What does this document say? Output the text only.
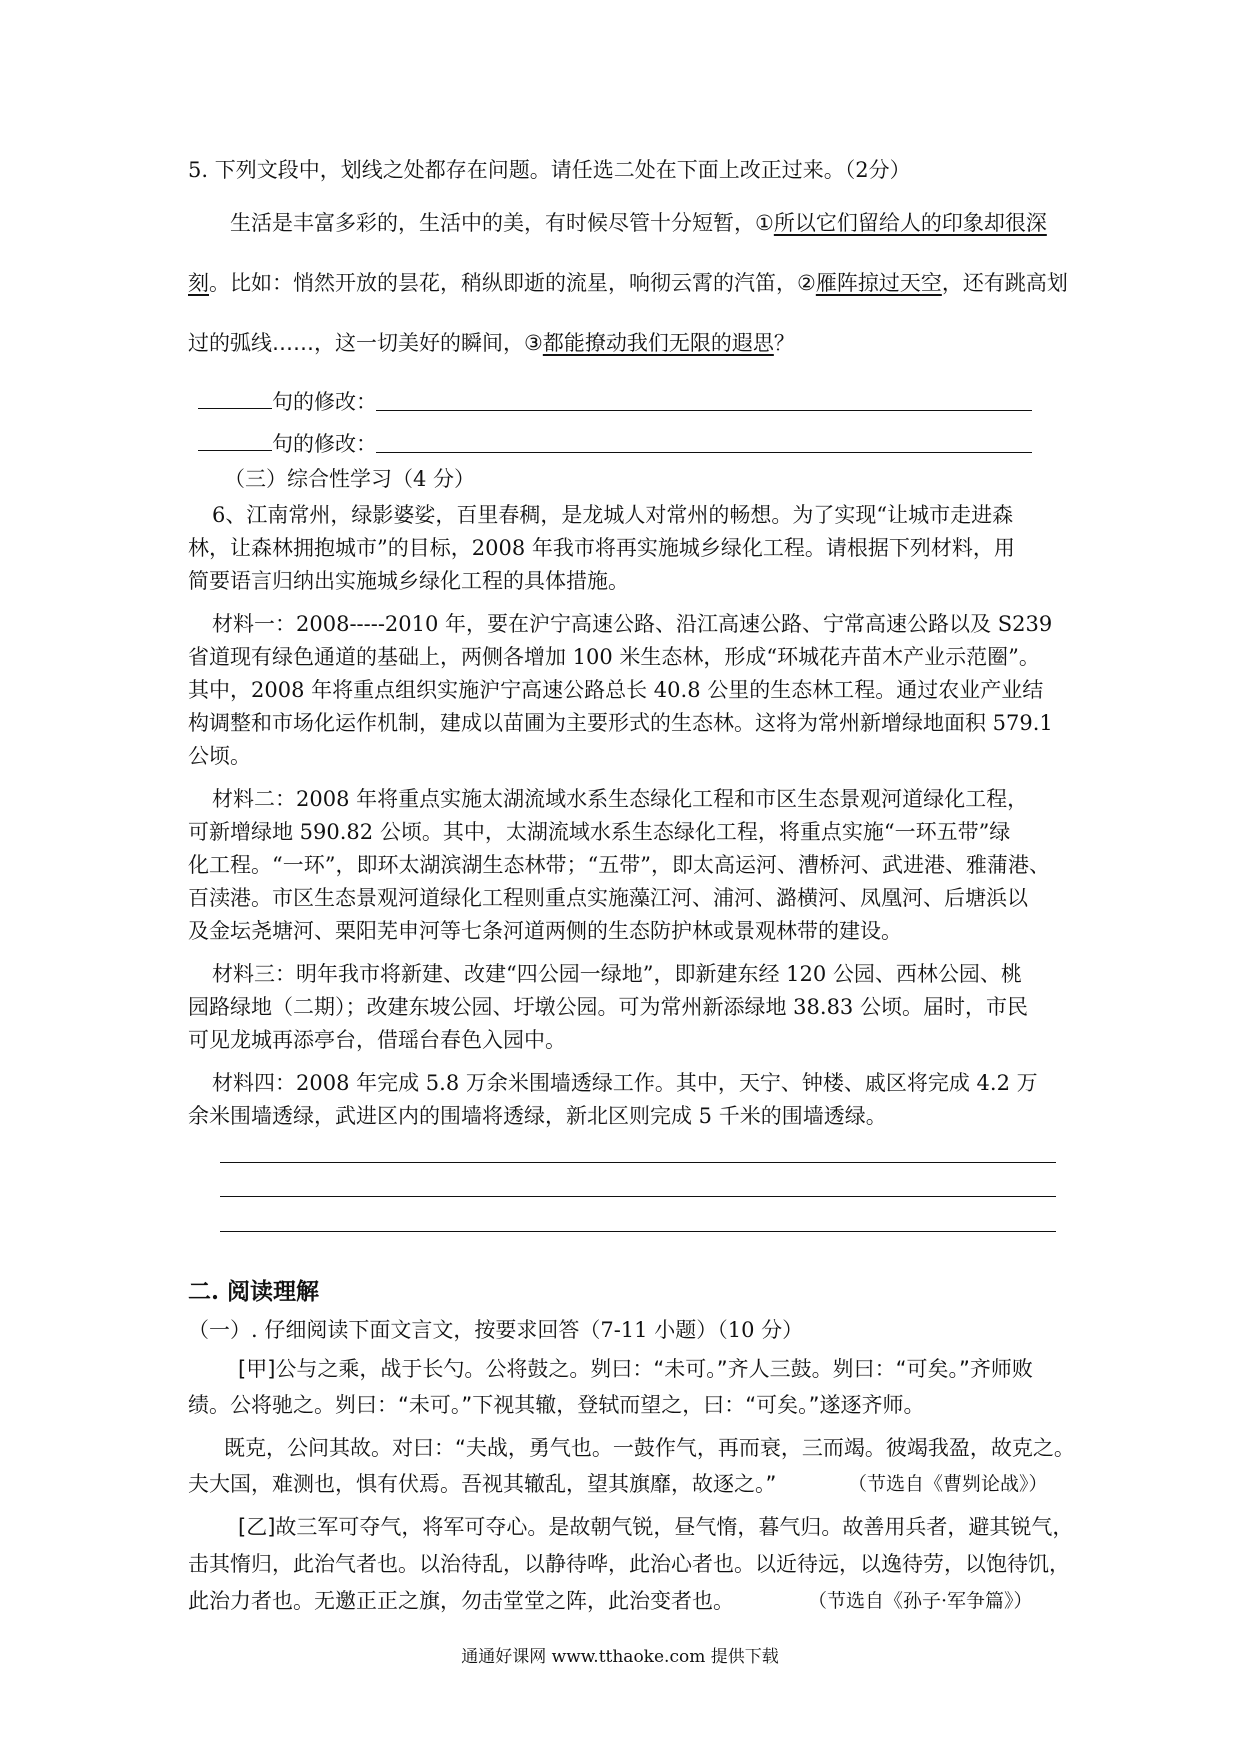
5. 下列文段中，划线之处都存在问题。请任选二处在下面上改正过来。（2分）
生活是丰富多彩的，生活中的美，有时候尽管十分短暂，①所以它们留给人的印象却很深
刻。比如：悄然开放的昙花，稍纵即逝的流星，响彻云霄的汽笛，②雁阵掠过天空，还有跳高划
过的弧线……，这一切美好的瞬间，③都能撩动我们无限的遐思？
句的修改：
句的修改：
（三）综合性学习（4 分）
6、江南常州，绿影婆娑，百里春稠，是龙城人对常州的畅想。为了实现“让城市走进森
林，让森林拥抱城市”的目标，2008 年我市将再实施城乡绿化工程。请根据下列材料，用
简要语言归纳出实施城乡绿化工程的具体措施。
材料一：2008-----2010 年，要在沪宁高速公路、沿江高速公路、宁常高速公路以及 S239
省道现有绿色通道的基础上，两侧各增加 100 米生态林，形成“环城花卉苗木产业示范圈”。
其中，2008 年将重点组织实施沪宁高速公路总长 40.8 公里的生态林工程。通过农业产业结
构调整和市场化运作机制，建成以苗圃为主要形式的生态林。这将为常州新增绿地面积 579.1
公顷。
材料二：2008 年将重点实施太湖流域水系生态绿化工程和市区生态景观河道绿化工程，
可新增绿地 590.82 公顷。其中，太湖流域水系生态绿化工程，将重点实施“一环五带”绿
化工程。“一环”，即环太湖滨湖生态林带；“五带”，即太高运河、漕桥河、武进港、雅蒲港、
百渎港。市区生态景观河道绿化工程则重点实施藻江河、浦河、潞横河、凤凰河、后塘浜以
及金坛尧塘河、栗阳芜申河等七条河道两侧的生态防护林或景观林带的建设。
材料三：明年我市将新建、改建“四公园一绿地”，即新建东经 120 公园、西林公园、桃
园路绿地（二期）；改建东坡公园、圩墩公园。可为常州新添绿地 38.83 公顷。届时，市民
可见龙城再添亭台，借瑶台春色入园中。
材料四：2008 年完成 5.8 万余米围墙透绿工作。其中，天宁、钟楼、戚区将完成 4.2 万
余米围墙透绿，武进区内的围墙将透绿，新北区则完成 5 千米的围墙透绿。
二. 阅读理解
（一）. 仔细阅读下面文言文，按要求回答（7-11 小题）（10 分）
[甲]公与之乘，战于长勺。公将鼓之。刿曰：“未可。”齐人三鼓。刿曰：“可矣。”齐师败
绩。公将驰之。刿曰：“未可。”下视其辙，登轼而望之，曰：“可矣。”遂逐齐师。
既克，公问其故。对曰：“夫战，勇气也。一鼓作气，再而衰，三而竭。彼竭我盈，故克之。
夫大国，难测也，惧有伏焉。吾视其辙乱，望其旗靡，故逐之。”	（节选自《曹刿论战》）
[乙]故三军可夺气，将军可夺心。是故朝气锐，昼气惰，暮气归。故善用兵者，避其锐气，
击其惰归，此治气者也。以治待乱，以静待哗，此治心者也。以近待远，以逸待劳，以饱待饥，
此治力者也。无邀正正之旗，勿击堂堂之阵，此治变者也。	（节选自《孙子·军争篇》）
通通好课网 www.tthaoke.com 提供下载
